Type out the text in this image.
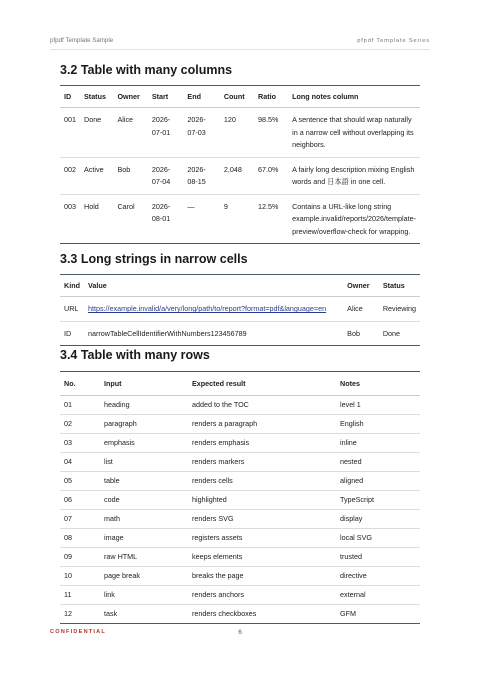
pfpdf Template Sample	pfpdf Template Series
3.2 Table with many columns
ID	Status	Owner	Start	End	Count	Ratio	Long notes column
001	Done	Alice	2026-07-01	2026-07-03	120	98.5%	A sentence that should wrap naturally in a narrow cell without overlapping its neighbors.
002	Active	Bob	2026-07-04	2026-08-15	2,048	67.0%	A fairly long description mixing English words and 日本語 in one cell.
003	Hold	Carol	2026-08-01	—	9	12.5%	Contains a URL-like long string example.invalid/reports/2026/template-preview/overflow-check for wrapping.
3.3 Long strings in narrow cells
Kind	Value	Owner	Status
URL	https://example.invalid/a/very/long/path/to/report?format=pdf&language=en	Alice	Reviewing
ID	narrowTableCellIdentifierWithNumbers123456789	Bob	Done
3.4 Table with many rows
No.	Input	Expected result	Notes
01	heading	added to the TOC	level 1
02	paragraph	renders a paragraph	English
03	emphasis	renders emphasis	inline
04	list	renders markers	nested
05	table	renders cells	aligned
06	code	highlighted	TypeScript
07	math	renders SVG	display
08	image	registers assets	local SVG
09	raw HTML	keeps elements	trusted
10	page break	breaks the page	directive
11	link	renders anchors	external
12	task	renders checkboxes	GFM
CONFIDENTIAL	6
